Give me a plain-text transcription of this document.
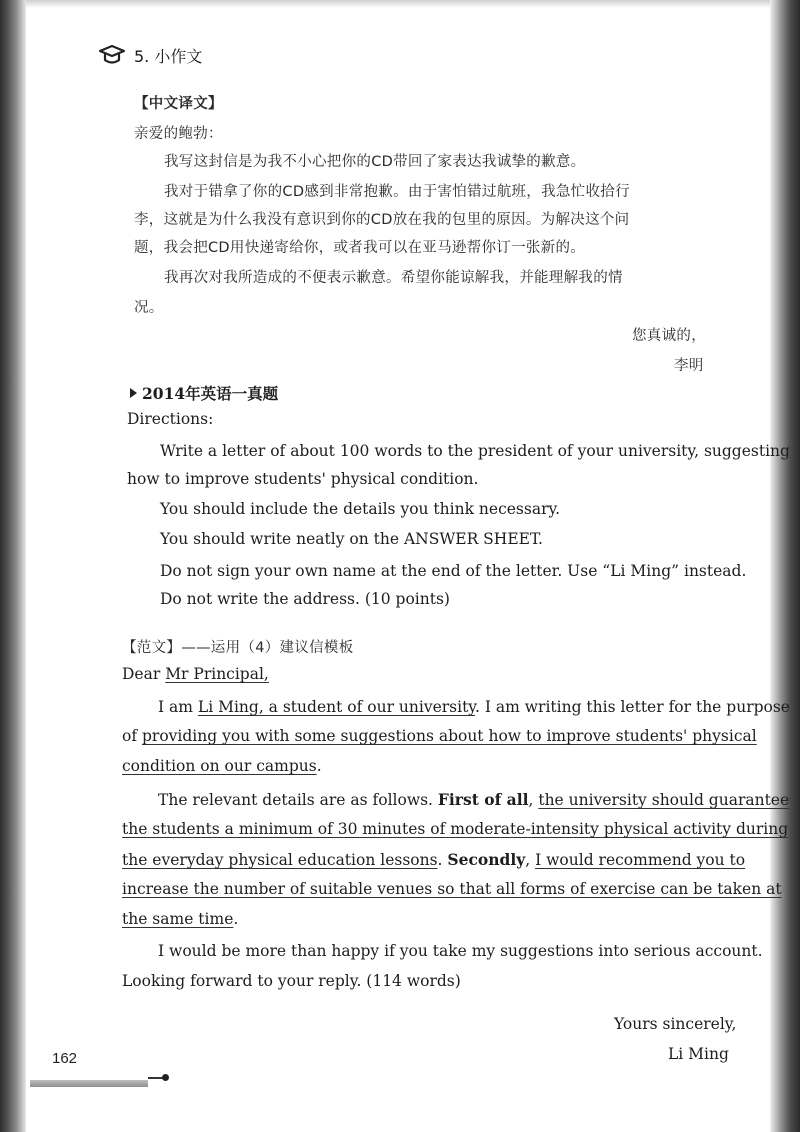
5. 小作文
【中文译文】
亲爱的鲍勃：
我写这封信是为我不小心把你的CD带回了家表达我诚挚的歉意。
我对于错拿了你的CD感到非常抱歉。由于害怕错过航班，我急忙收拾行
李，这就是为什么我没有意识到你的CD放在我的包里的原因。为解决这个问
题，我会把CD用快递寄给你，或者我可以在亚马逊帮你订一张新的。
我再次对我所造成的不便表示歉意。希望你能谅解我，并能理解我的情
况。
您真诚的，
李明
2014年英语一真题
Directions:
Write a letter of about 100 words to the president of your university, suggesting
how to improve students' physical condition.
You should include the details you think necessary.
You should write neatly on the ANSWER SHEET.
Do not sign your own name at the end of the letter. Use “Li Ming” instead.
Do not write the address. (10 points)
【范文】——运用（4）建议信模板
Dear Mr Principal,
I am Li Ming, a student of our university. I am writing this letter for the purpose
of providing you with some suggestions about how to improve students' physical
condition on our campus.
The relevant details are as follows. First of all, the university should guarantee
the students a minimum of 30 minutes of moderate-intensity physical activity during
the everyday physical education lessons. Secondly, I would recommend you to
increase the number of suitable venues so that all forms of exercise can be taken at
the same time.
I would be more than happy if you take my suggestions into serious account.
Looking forward to your reply. (114 words)
Yours sincerely,
Li Ming
162
